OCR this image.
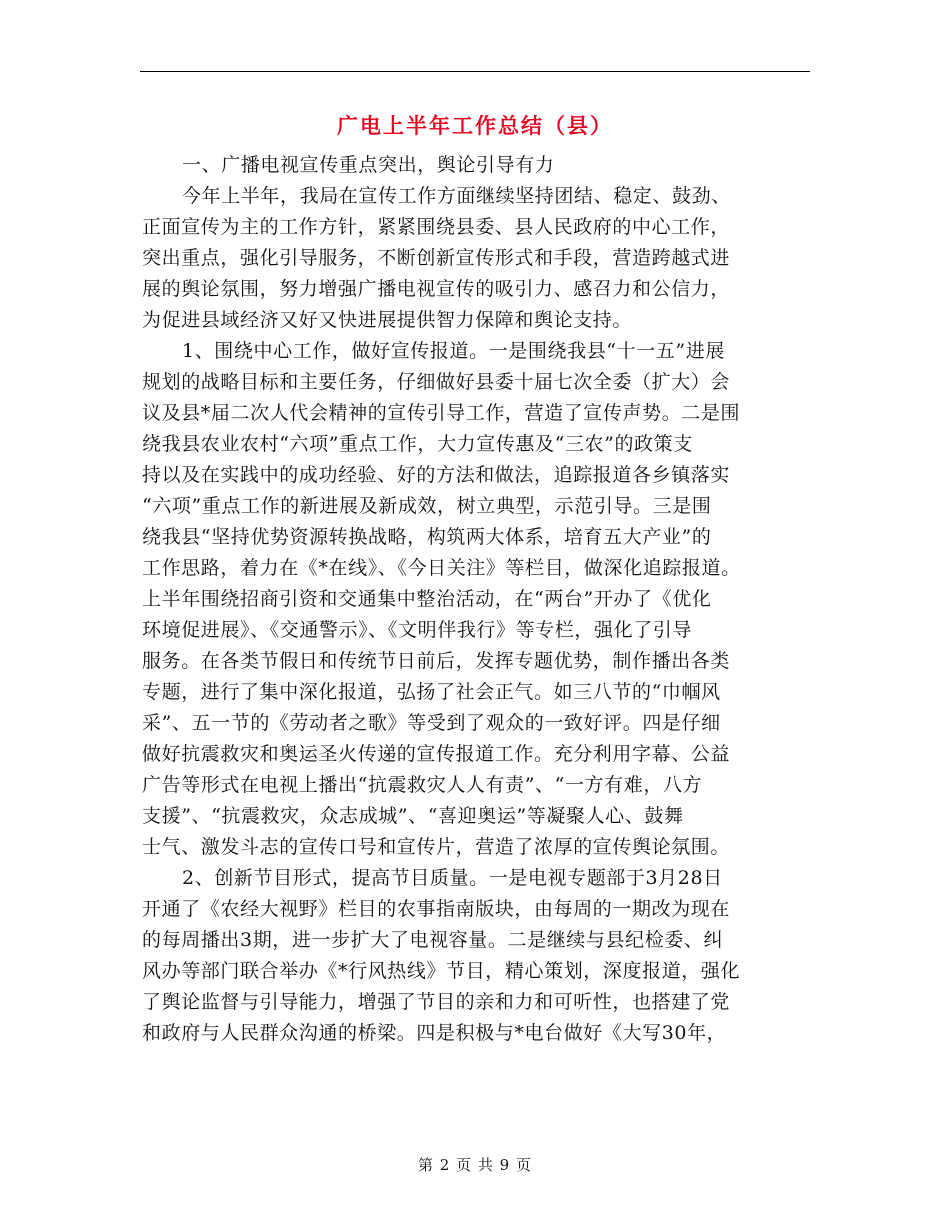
广电上半年工作总结（县）
一、广播电视宣传重点突出，舆论引导有力
今年上半年，我局在宣传工作方面继续坚持团结、稳定、鼓劲、
正面宣传为主的工作方针，紧紧围绕县委、县人民政府的中心工作，
突出重点，强化引导服务，不断创新宣传形式和手段，营造跨越式进
展的舆论氛围，努力增强广播电视宣传的吸引力、感召力和公信力，
为促进县域经济又好又快进展提供智力保障和舆论支持。
1、围绕中心工作，做好宣传报道。一是围绕我县“十一五”进展
规划的战略目标和主要任务，仔细做好县委十届七次全委（扩大）会
议及县*届二次人代会精神的宣传引导工作，营造了宣传声势。二是围
绕我县农业农村“六项”重点工作，大力宣传惠及“三农”的政策支
持以及在实践中的成功经验、好的方法和做法，追踪报道各乡镇落实
“六项”重点工作的新进展及新成效，树立典型，示范引导。三是围
绕我县“坚持优势资源转换战略，构筑两大体系，培育五大产业”的
工作思路，着力在《*在线》、《今日关注》等栏目，做深化追踪报道。
上半年围绕招商引资和交通集中整治活动，在“两台”开办了《优化
环境促进展》、《交通警示》、《文明伴我行》等专栏，强化了引导
服务。在各类节假日和传统节日前后，发挥专题优势，制作播出各类
专题，进行了集中深化报道，弘扬了社会正气。如三八节的“巾帼风
采”、五一节的《劳动者之歌》等受到了观众的一致好评。四是仔细
做好抗震救灾和奥运圣火传递的宣传报道工作。充分利用字幕、公益
广告等形式在电视上播出“抗震救灾人人有责”、“一方有难，八方
支援”、“抗震救灾，众志成城”、“喜迎奥运”等凝聚人心、鼓舞
士气、激发斗志的宣传口号和宣传片，营造了浓厚的宣传舆论氛围。
2、创新节目形式，提高节目质量。一是电视专题部于3月28日
开通了《农经大视野》栏目的农事指南版块，由每周的一期改为现在
的每周播出3期，进一步扩大了电视容量。二是继续与县纪检委、纠
风办等部门联合举办《*行风热线》节目，精心策划，深度报道，强化
了舆论监督与引导能力，增强了节目的亲和力和可听性，也搭建了党
和政府与人民群众沟通的桥梁。四是积极与*电台做好《大写30年，
第 2 页 共 9 页
